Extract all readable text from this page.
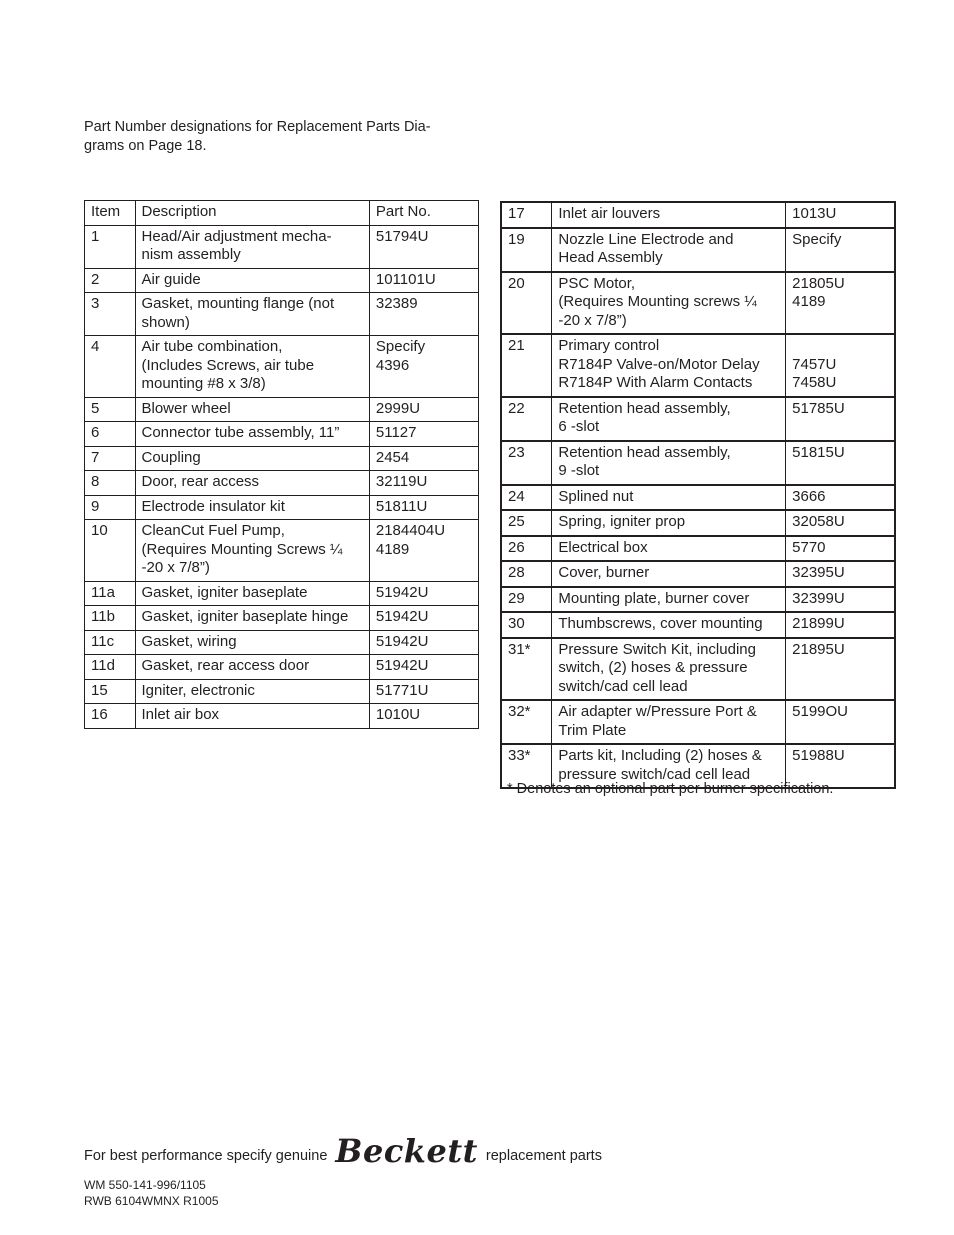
Part Number designations for Replacement Parts Dia-
grams on Page 18.
Item	Description	Part No.
1	Head/Air adjustment mecha-
nism assembly	51794U
2	Air guide	101101U
3	Gasket, mounting flange (not
shown)	32389
4	Air tube combination,
(Includes Screws, air tube
mounting #8 x 3/8)	Specify
4396
5	Blower wheel	2999U
6	Connector tube assembly, 11”	51127
7	Coupling	2454
8	Door, rear access	32119U
9	Electrode insulator kit	51811U
10	CleanCut Fuel Pump,
(Requires Mounting Screws ¼
-20 x 7/8”)	2184404U
4189
11a	Gasket, igniter baseplate	51942U
11b	Gasket, igniter baseplate hinge	51942U
11c	Gasket, wiring	51942U
11d	Gasket, rear access door	51942U
15	Igniter, electronic	51771U
16	Inlet air box	1010U
17	Inlet air louvers	1013U
19	Nozzle Line Electrode and
Head Assembly	Specify
20	PSC Motor,
(Requires Mounting screws ¼
-20 x 7/8”)	21805U
4189
21	Primary control
R7184P Valve-on/Motor Delay
R7184P With Alarm Contacts	
7457U
7458U
22	Retention head assembly,
6 -slot	51785U
23	Retention head assembly,
9 -slot	51815U
24	Splined nut	3666
25	Spring, igniter prop	32058U
26	Electrical box	5770
28	Cover, burner	32395U
29	Mounting plate, burner cover	32399U
30	Thumbscrews, cover mounting	21899U
31*	Pressure Switch Kit, including
switch, (2) hoses & pressure
switch/cad cell lead	21895U
32*	Air adapter w/Pressure Port &
Trim Plate	5199OU
33*	Parts kit, Including (2) hoses &
pressure switch/cad cell lead	51988U
* Denotes an optional part per burner specification.
For best performance specify genuine Beckett replacement parts
WM 550-141-996/1105
RWB 6104WMNX R1005
